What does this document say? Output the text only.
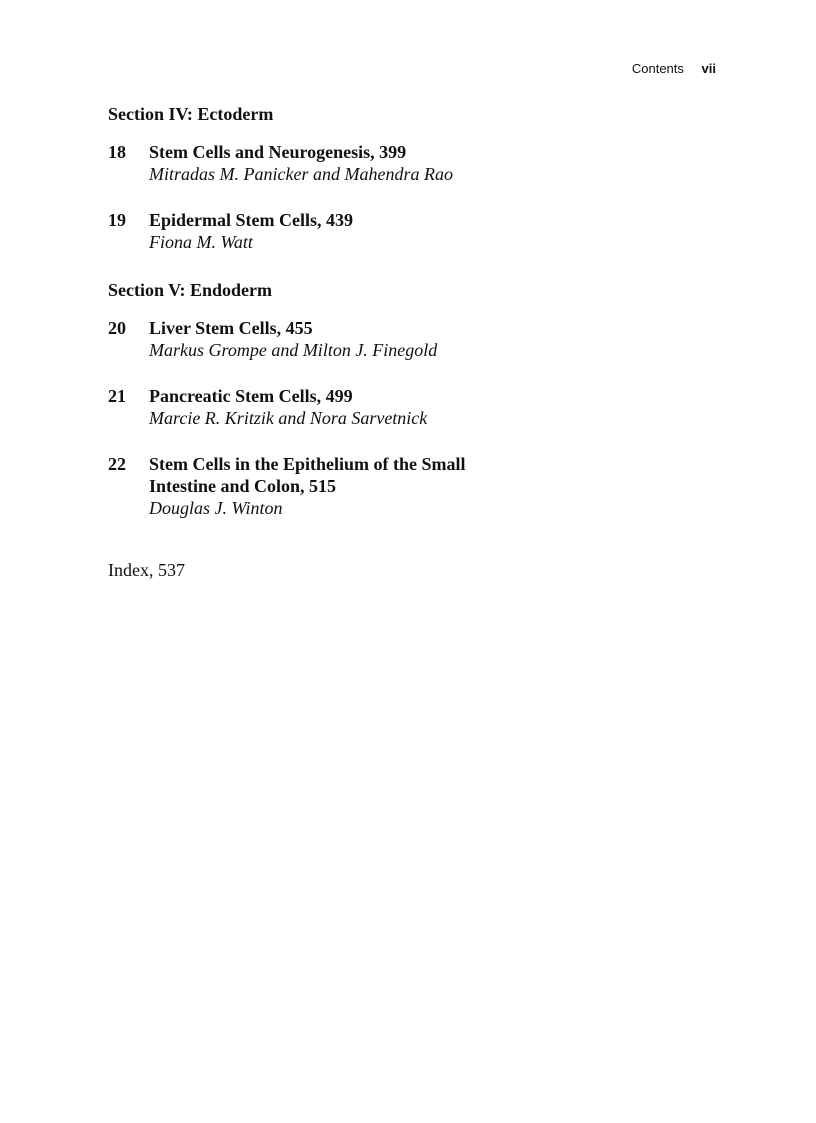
Contents vii
Section IV: Ectoderm
18	Stem Cells and Neurogenesis, 399
Mitradas M. Panicker and Mahendra Rao
19	Epidermal Stem Cells, 439
Fiona M. Watt
Section V: Endoderm
20	Liver Stem Cells, 455
Markus Grompe and Milton J. Finegold
21	Pancreatic Stem Cells, 499
Marcie R. Kritzik and Nora Sarvetnick
22	Stem Cells in the Epithelium of the Small
Intestine and Colon, 515
Douglas J. Winton
Index, 537
